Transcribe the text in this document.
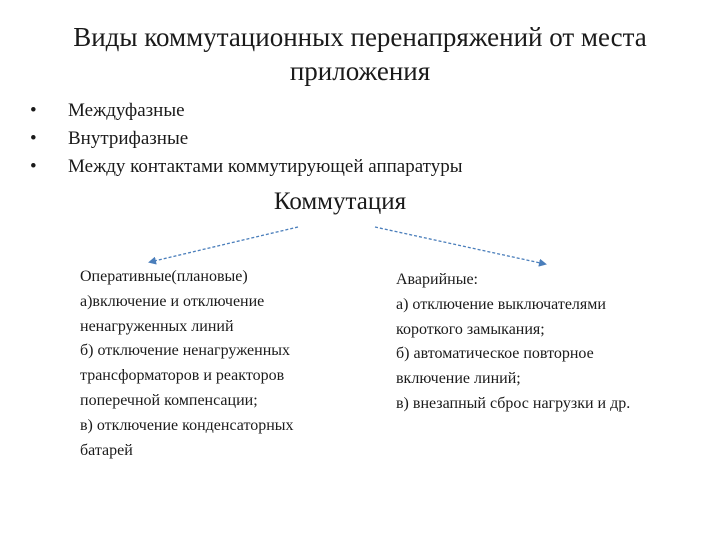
Виды коммутационных перенапряжений от места приложения
• Междуфазные
• Внутрифазные
• Между контактами коммутирующей аппаратуры
Коммутация
Оперативные(плановые)
а)включение и отключение
ненагруженных линий
б) отключение ненагруженных
трансформаторов и реакторов
поперечной компенсации;
в) отключение конденсаторных
батарей
Аварийные:
а) отключение выключателями
короткого замыкания;
б) автоматическое повторное
включение линий;
в) внезапный сброс нагрузки и др.
